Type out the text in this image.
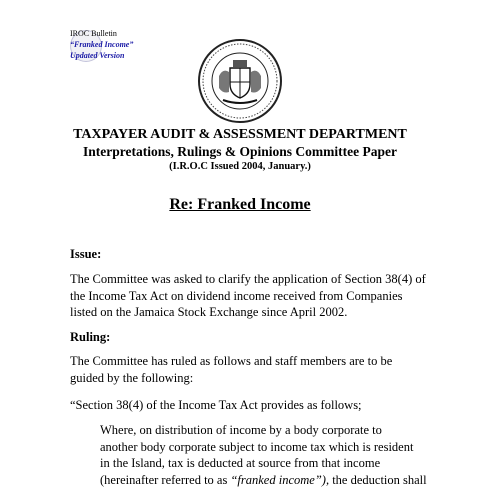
IROC Bulletin
“Franked Income”
Updated Version
TAXPAYER AUDIT & ASSESSMENT DEPARTMENT
Interpretations, Rulings & Opinions Committee Paper
(I.R.O.C Issued 2004, January.)
Re: Franked Income
Issue:
The Committee was asked to clarify the application of Section 38(4) of
the Income Tax Act on dividend income received from Companies
listed on the Jamaica Stock Exchange since April 2002.
Ruling:
The Committee has ruled as follows and staff members are to be
guided by the following:
“Section 38(4) of the Income Tax Act provides as follows;
Where, on distribution of income by a body corporate to
another body corporate subject to income tax which is resident
in the Island, tax is deducted at source from that income
(hereinafter referred to as “franked income”), the deduction shall
